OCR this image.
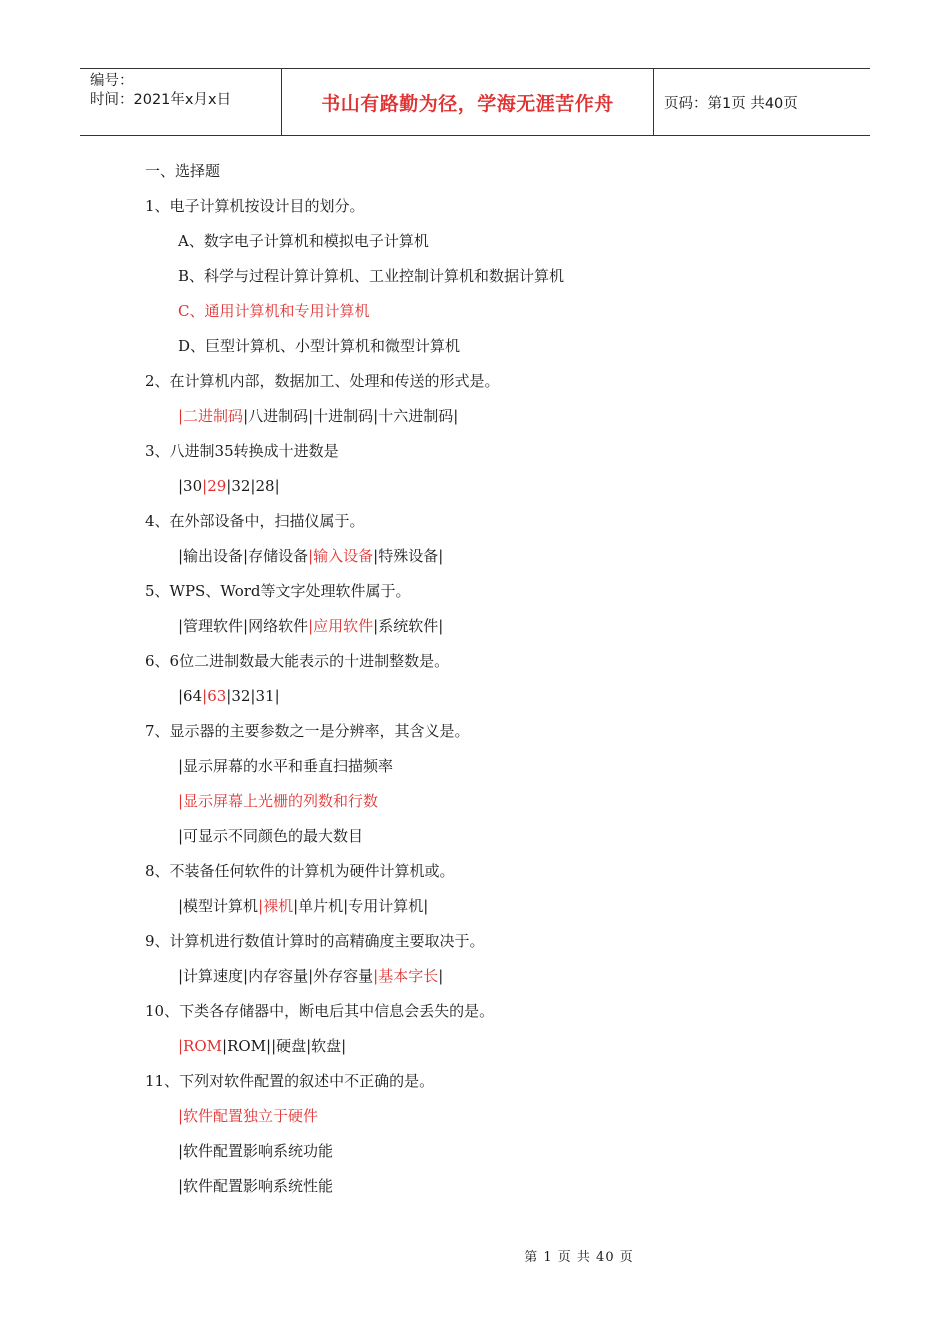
编号：
时间：2021年x月x日	书山有路勤为径，学海无涯苦作舟	页码：第1页 共40页
一、选择题
1、电子计算机按设计目的划分。
A、数字电子计算机和模拟电子计算机
B、科学与过程计算计算机、工业控制计算机和数据计算机
C、通用计算机和专用计算机
D、巨型计算机、小型计算机和微型计算机
2、在计算机内部，数据加工、处理和传送的形式是。
|二进制码|八进制码|十进制码|十六进制码|
3、八进制35转换成十进数是
|30|29|32|28|
4、在外部设备中，扫描仪属于。
|输出设备|存储设备|输入设备|特殊设备|
5、WPS、Word等文字处理软件属于。
|管理软件|网络软件|应用软件|系统软件|
6、6位二进制数最大能表示的十进制整数是。
|64|63|32|31|
7、显示器的主要参数之一是分辨率，其含义是。
|显示屏幕的水平和垂直扫描频率
|显示屏幕上光栅的列数和行数
|可显示不同颜色的最大数目
8、不装备任何软件的计算机为硬件计算机或。
|模型计算机|裸机|单片机|专用计算机|
9、计算机进行数值计算时的高精确度主要取决于。
|计算速度|内存容量|外存容量|基本字长|
10、下类各存储器中，断电后其中信息会丢失的是。
|ROM|ROM||硬盘|软盘|
11、下列对软件配置的叙述中不正确的是。
|软件配置独立于硬件
|软件配置影响系统功能
|软件配置影响系统性能
第 1 页 共 40 页
